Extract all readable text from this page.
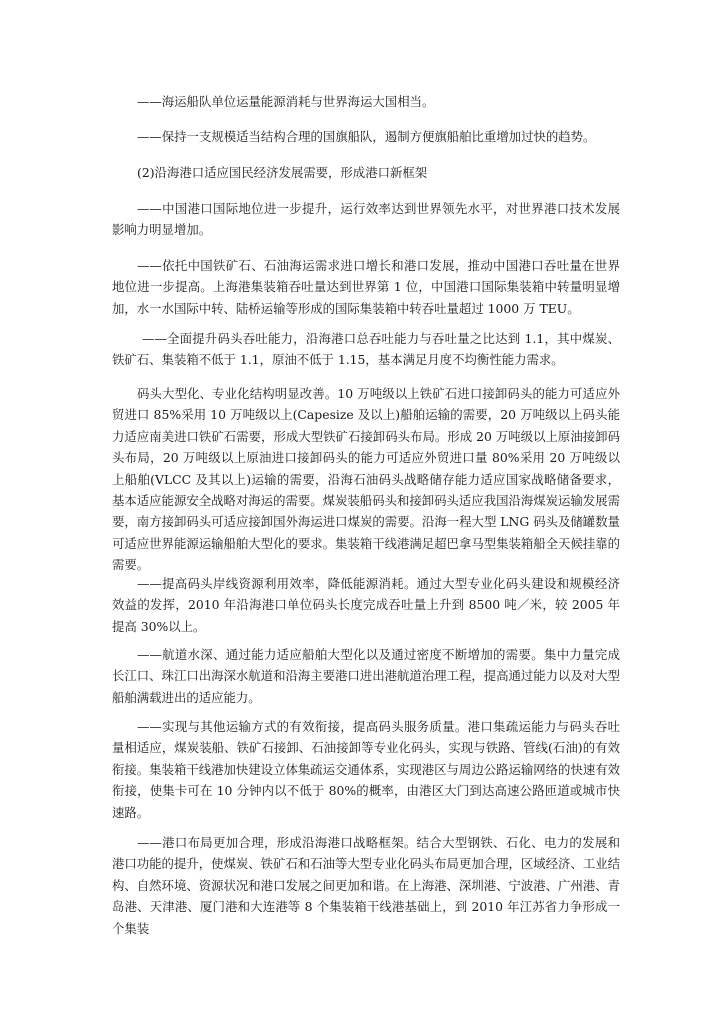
——海运船队单位运量能源消耗与世界海运大国相当。

——保持一支规模适当结构合理的国旗船队，遏制方便旗船舶比重增加过快的趋势。

(2)沿海港口适应国民经济发展需要，形成港口新框架

——中国港口国际地位进一步提升，运行效率达到世界领先水平，对世界港口技术发展影响力明显增加。

——依托中国铁矿石、石油海运需求进口增长和港口发展，推动中国港口吞吐量在世界地位进一步提高。上海港集装箱吞吐量达到世界第 1 位，中国港口国际集装箱中转量明显增加，水一水国际中转、陆桥运输等形成的国际集装箱中转吞吐量超过 1000 万 TEU。

——全面提升码头吞吐能力，沿海港口总吞吐能力与吞吐量之比达到 1.1，其中煤炭、铁矿石、集装箱不低于 1.1，原油不低于 1.15，基本满足月度不均衡性能力需求。

码头大型化、专业化结构明显改善。10 万吨级以上铁矿石进口接卸码头的能力可适应外贸进口 85%采用 10 万吨级以上(Capesize 及以上)船舶运输的需要，20 万吨级以上码头能力适应南美进口铁矿石需要，形成大型铁矿石接卸码头布局。形成 20 万吨级以上原油接卸码头布局，20 万吨级以上原油进口接卸码头的能力可适应外贸进口量 80%采用 20 万吨级以上船舶(VLCC 及其以上)运输的需要，沿海石油码头战略储存能力适应国家战略储备要求，基本适应能源安全战略对海运的需要。煤炭装船码头和接卸码头适应我国沿海煤炭运输发展需要，南方接卸码头可适应接卸国外海运进口煤炭的需要。沿海一程大型 LNG 码头及储罐数量可适应世界能源运输船舶大型化的要求。集装箱干线港满足超巴拿马型集装箱船全天候挂靠的需要。

——提高码头岸线资源利用效率，降低能源消耗。通过大型专业化码头建设和规模经济效益的发挥，2010 年沿海港口单位码头长度完成吞吐量上升到 8500 吨／米，较 2005 年提高 30%以上。

——航道水深、通过能力适应船舶大型化以及通过密度不断增加的需要。集中力量完成长江口、珠江口出海深水航道和沿海主要港口进出港航道治理工程，提高通过能力以及对大型船舶满载进出的适应能力。

——实现与其他运输方式的有效衔接，提高码头服务质量。港口集疏运能力与码头吞吐量相适应，煤炭装船、铁矿石接卸、石油接卸等专业化码头，实现与铁路、管线(石油)的有效衔接。集装箱干线港加快建设立体集疏运交通体系，实现港区与周边公路运输网络的快速有效衔接，使集卡可在 10 分钟内以不低于 80%的概率，由港区大门到达高速公路匝道或城市快速路。

——港口布局更加合理，形成沿海港口战略框架。结合大型钢铁、石化、电力的发展和港口功能的提升，使煤炭、铁矿石和石油等大型专业化码头布局更加合理，区域经济、工业结构、自然环境、资源状况和港口发展之间更加和谐。在上海港、深圳港、宁波港、广州港、青岛港、天津港、厦门港和大连港等 8 个集装箱干线港基础上，到 2010 年江苏省力争形成一个集装
